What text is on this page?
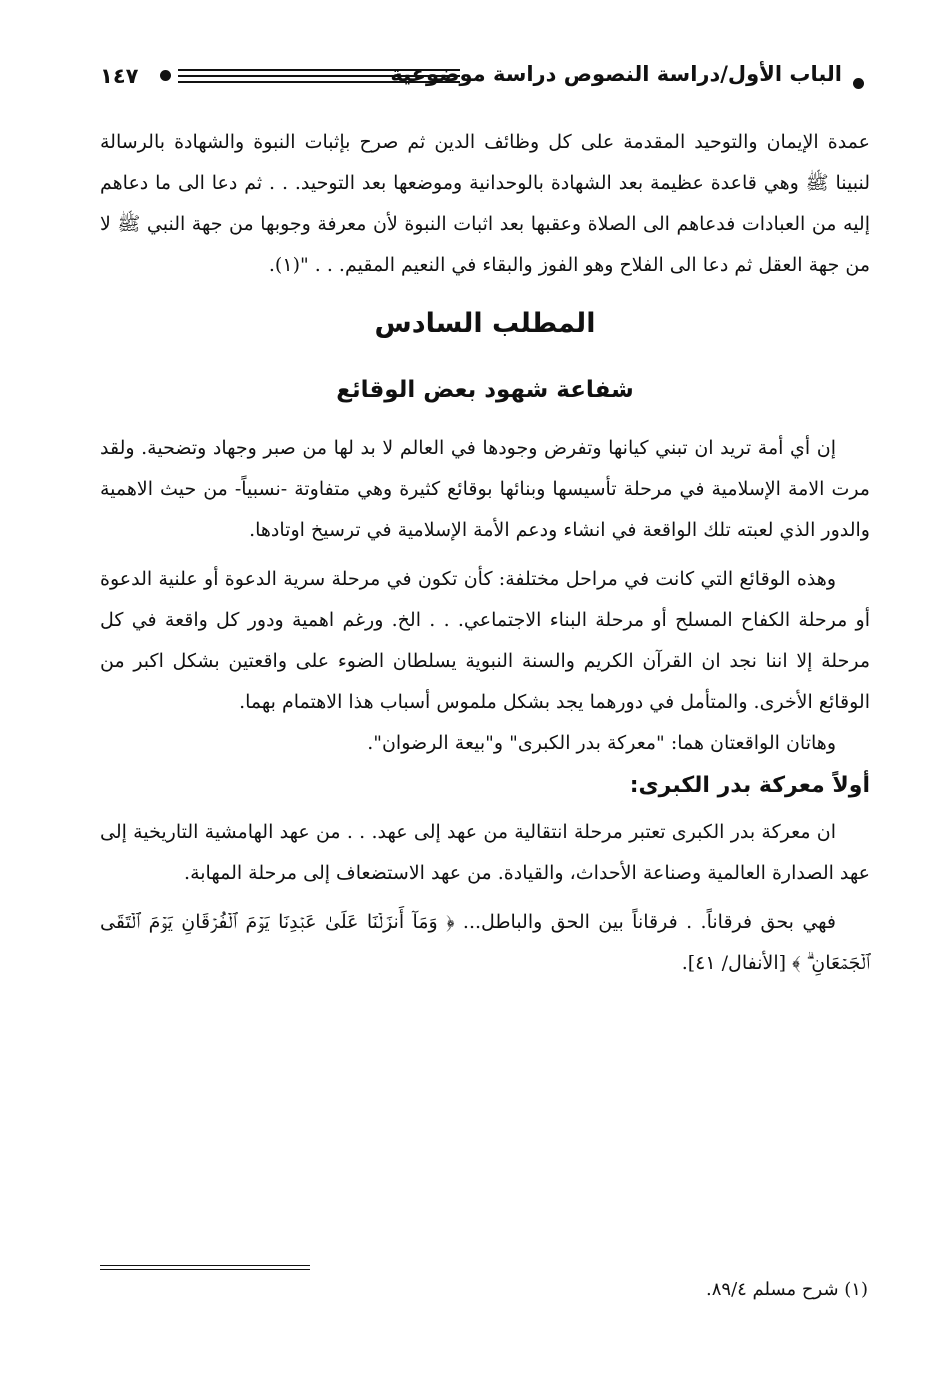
الباب الأول/دراسة النصوص دراسة موضوعية
١٤٧

عمدة الإيمان والتوحيد المقدمة على كل وظائف الدين ثم صرح بإثبات النبوة والشهادة بالرسالة لنبينا ﷺ وهي قاعدة عظيمة بعد الشهادة بالوحدانية وموضعها بعد التوحيد. . . ثم دعا الى ما دعاهم إليه من العبادات فدعاهم الى الصلاة وعقبها بعد اثبات النبوة لأن معرفة وجوبها من جهة النبي ﷺ لا من جهة العقل ثم دعا الى الفلاح وهو الفوز والبقاء في النعيم المقيم. . . "(١).

المطلب السادس
شفاعة شهود بعض الوقائع

إن أي أمة تريد ان تبني كيانها وتفرض وجودها في العالم لا بد لها من صبر وجهاد وتضحية. ولقد مرت الامة الإسلامية في مرحلة تأسيسها وبنائها بوقائع كثيرة وهي متفاوتة -نسبياً- من حيث الاهمية والدور الذي لعبته تلك الواقعة في انشاء ودعم الأمة الإسلامية في ترسيخ اوتادها.

وهذه الوقائع التي كانت في مراحل مختلفة: كأن تكون في مرحلة سرية الدعوة أو علنية الدعوة أو مرحلة الكفاح المسلح أو مرحلة البناء الاجتماعي. . . الخ. ورغم اهمية ودور كل واقعة في كل مرحلة إلا اننا نجد ان القرآن الكريم والسنة النبوية يسلطان الضوء على واقعتين بشكل اكبر من الوقائع الأخرى. والمتأمل في دورهما يجد بشكل ملموس أسباب هذا الاهتمام بهما.

وهاتان الواقعتان هما: "معركة بدر الكبرى" و"بيعة الرضوان".

أولاً معركة بدر الكبرى:

ان معركة بدر الكبرى تعتبر مرحلة انتقالية من عهد إلى عهد. . . من عهد الهامشية التاريخية إلى عهد الصدارة العالمية وصناعة الأحداث، والقيادة. من عهد الاستضعاف إلى مرحلة المهابة.

فهي بحق فرقاناً. . فرقاناً بين الحق والباطل... ﴿ وَمَآ أَنزَلۡنَا عَلَىٰ عَبۡدِنَا يَوۡمَ ٱلۡفُرۡقَانِ يَوۡمَ ٱلۡتَقَى ٱلۡجَمۡعَانِ ۗ ﴾ [الأنفال/ ٤١].

(١) شرح مسلم ٨٩/٤.
